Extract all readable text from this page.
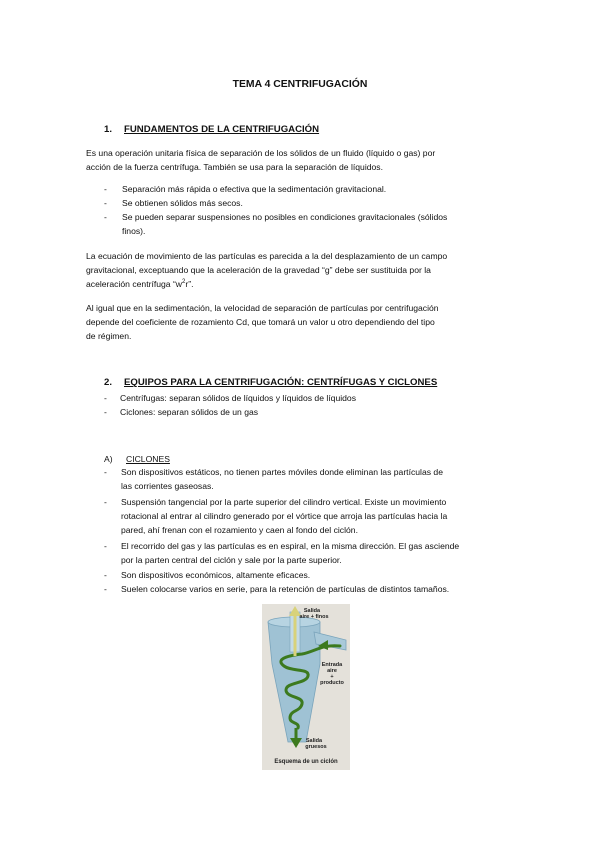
TEMA 4 CENTRIFUGACIÓN
1. FUNDAMENTOS DE LA CENTRIFUGACIÓN
Es una operación unitaria física de separación de los sólidos de un fluido (líquido o gas) por
acción de la fuerza centrífuga. También se usa para la separación de líquidos.
- Separación más rápida o efectiva que la sedimentación gravitacional.
- Se obtienen sólidos más secos.
- Se pueden separar suspensiones no posibles en condiciones gravitacionales (sólidos
finos).
La ecuación de movimiento de las partículas es parecida a la del desplazamiento de un campo
gravitacional, exceptuando que la aceleración de la gravedad “g” debe ser sustituida por la
aceleración centrífuga “$w^2r$”.
Al igual que en la sedimentación, la velocidad de separación de partículas por centrifugación
depende del coeficiente de rozamiento Cd, que tomará un valor u otro dependiendo del tipo
de régimen.
2. EQUIPOS PARA LA CENTRIFUGACIÓN: CENTRÍFUGAS Y CICLONES
- Centrífugas: separan sólidos de líquidos y líquidos de líquidos
- Ciclones: separan sólidos de un gas
A) CICLONES
- Son dispositivos estáticos, no tienen partes móviles donde eliminan las partículas de
las corrientes gaseosas.
- Suspensión tangencial por la parte superior del cilindro vertical. Existe un movimiento
rotacional al entrar al cilindro generado por el vórtice que arroja las partículas hacia la
pared, ahí frenan con el rozamiento y caen al fondo del ciclón.
- El recorrido del gas y las partículas es en espiral, en la misma dirección. El gas asciende
por la parten central del ciclón y sale por la parte superior.
- Son dispositivos económicos, altamente eficaces.
- Suelen colocarse varios en serie, para la retención de partículas de distintos tamaños.
Salida
aire + finos
Entrada
aire
+
producto
Salida
gruesos
Esquema de un ciclón
